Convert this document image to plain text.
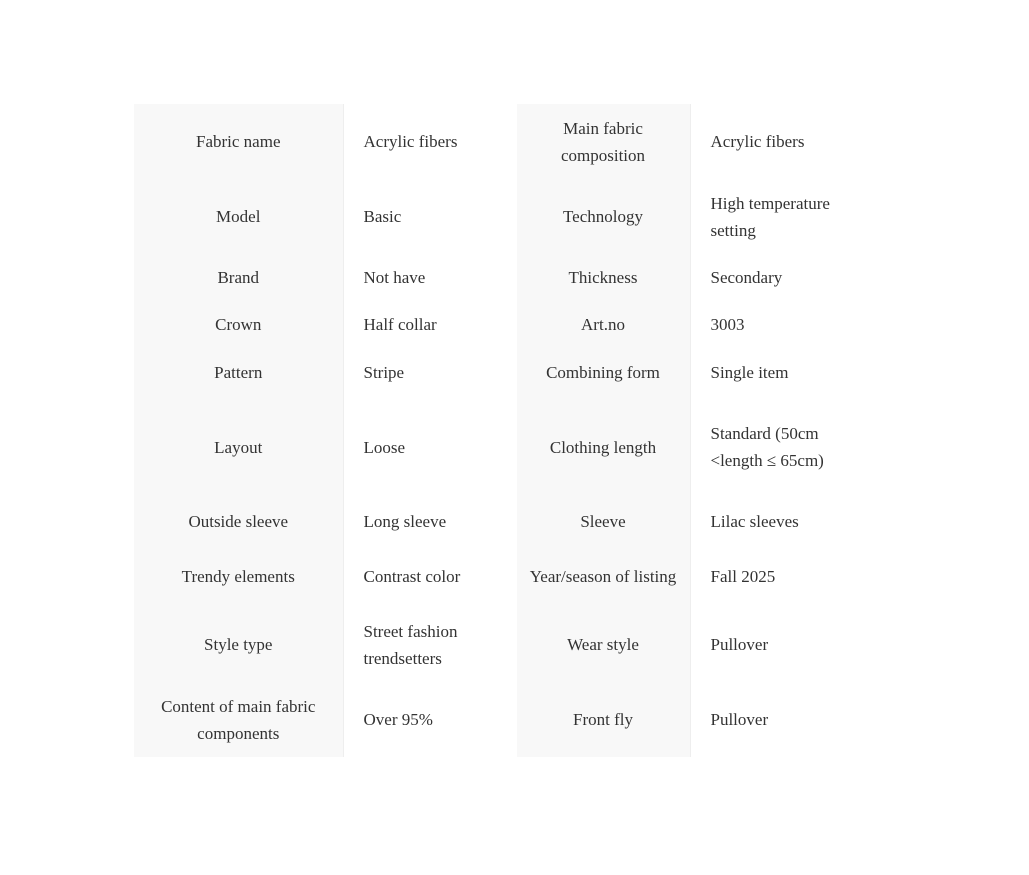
Fabric name	Acrylic fibers	Main fabric composition	Acrylic fibers
Model	Basic	Technology	High temperature setting
Brand	Not have	Thickness	Secondary
Crown	Half collar	Art.no	3003
Pattern	Stripe	Combining form	Single item
Layout	Loose	Clothing length	Standard (50cm <length ≤ 65cm)
Outside sleeve	Long sleeve	Sleeve	Lilac sleeves
Trendy elements	Contrast color	Year/season of listing	Fall 2025
Style type	Street fashion trendsetters	Wear style	Pullover
Content of main fabric components	Over 95%	Front fly	Pullover
